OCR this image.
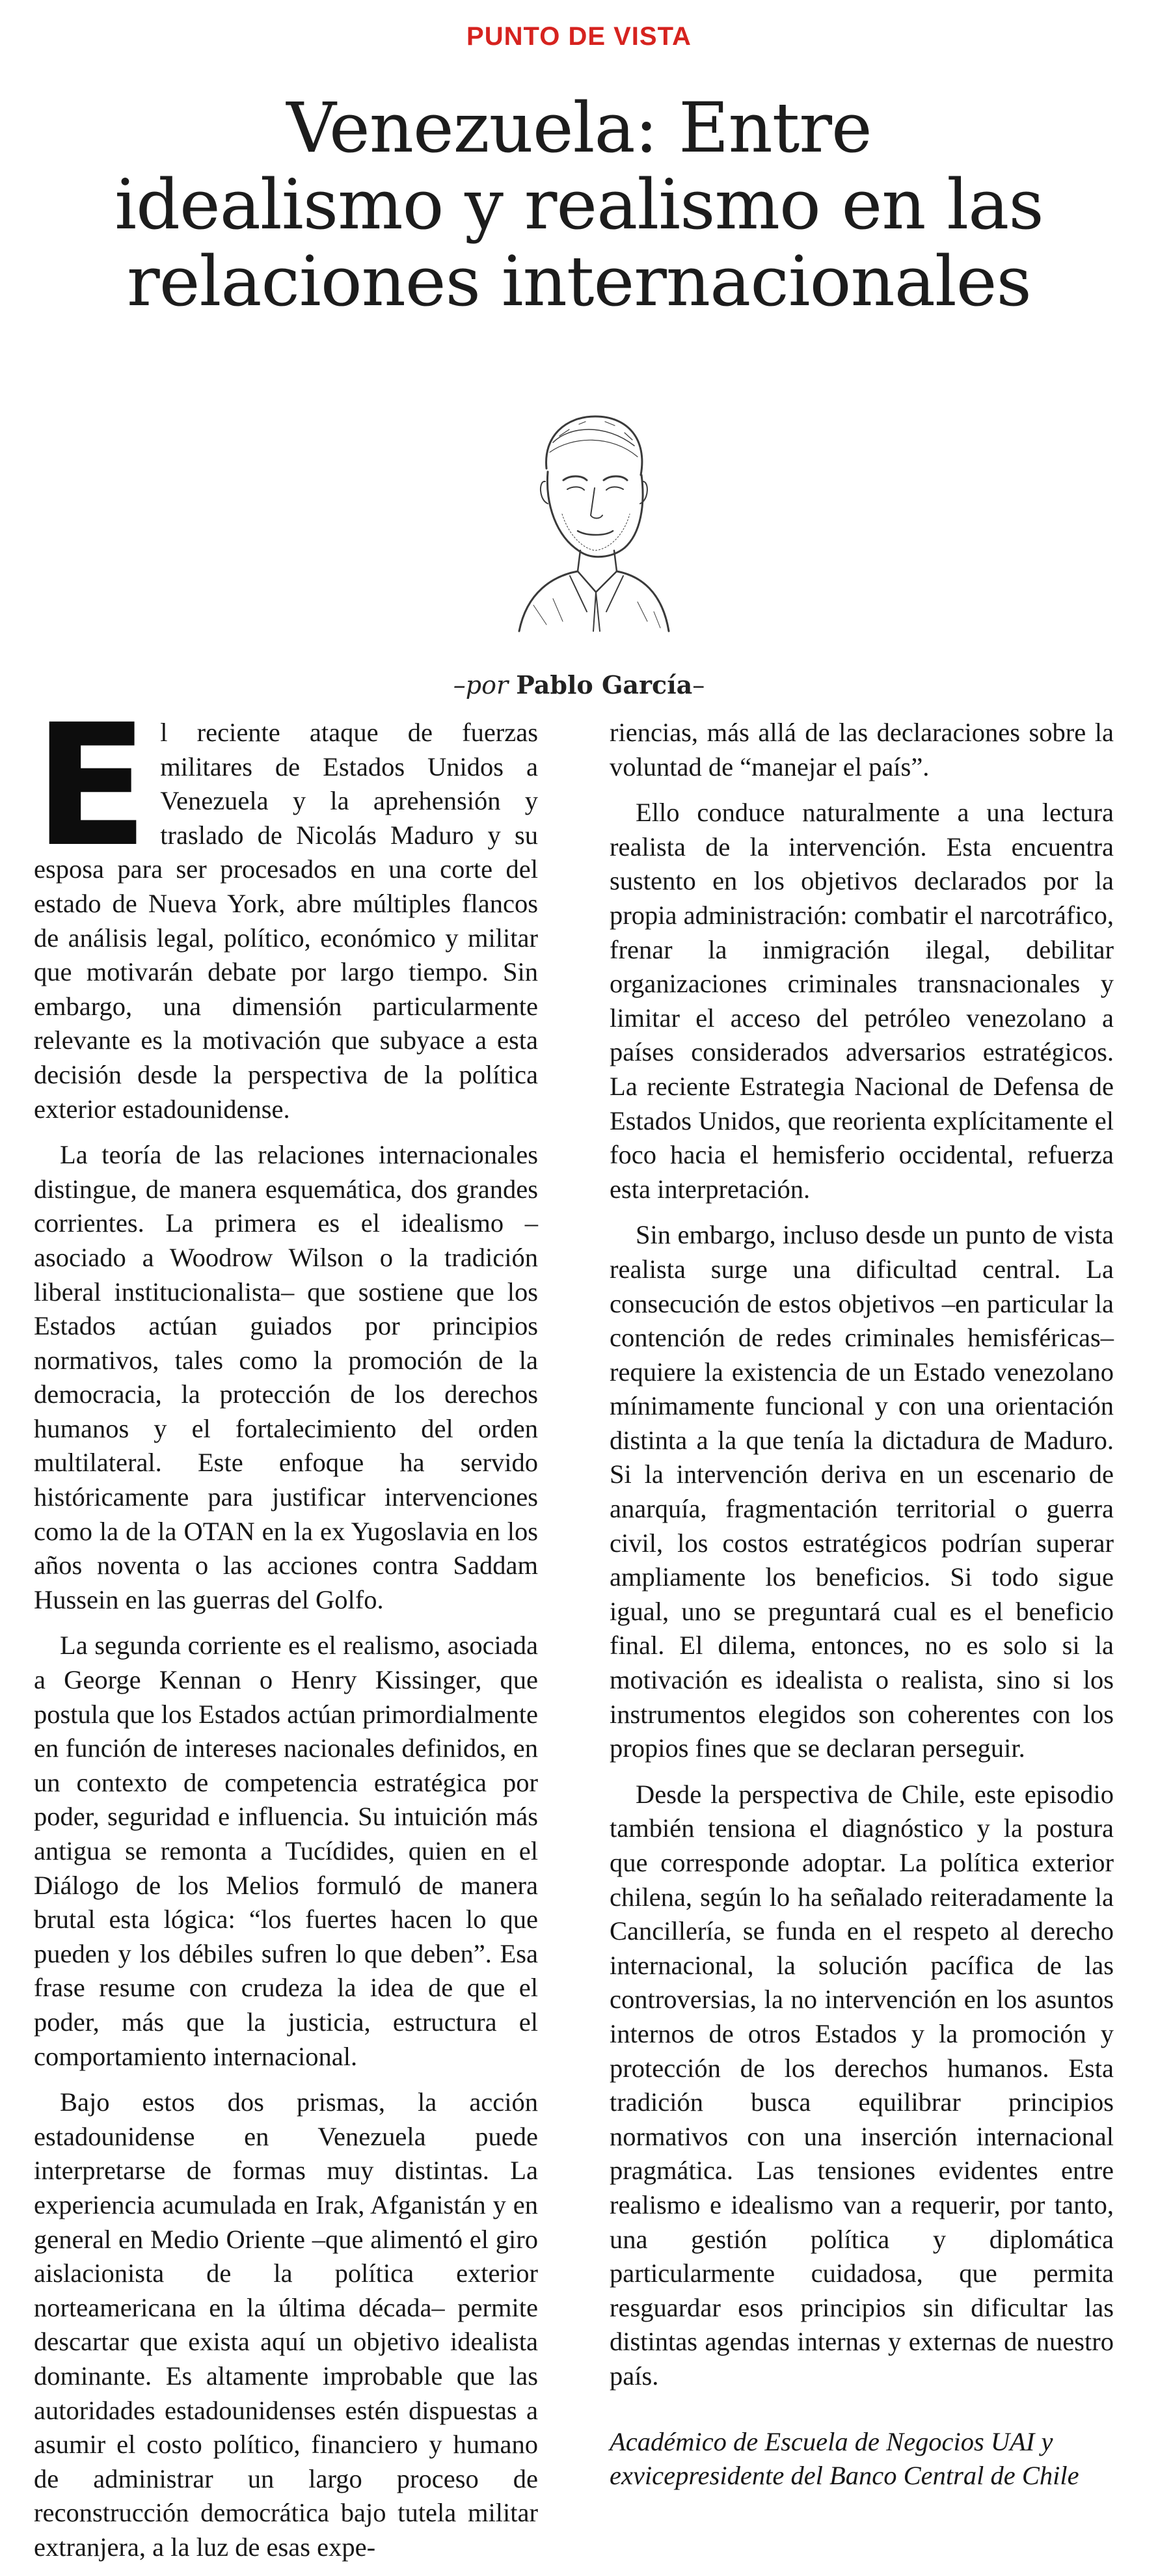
PUNTO DE VISTA
Venezuela: Entre
idealismo y realismo en las
relaciones internacionales
–por Pablo García–

El reciente ataque de fuerzas militares de Estados Unidos a Venezuela y la aprehensión y traslado de Nicolás Maduro y su esposa para ser procesados en una corte del estado de Nueva York, abre múltiples flancos de análisis legal, político, económico y militar que motivarán debate por largo tiempo. Sin embargo, una dimensión particularmente relevante es la motivación que subyace a esta decisión desde la perspectiva de la política exterior estadounidense.

La teoría de las relaciones internacionales distingue, de manera esquemática, dos grandes corrientes. La primera es el idealismo –asociado a Woodrow Wilson o la tradición liberal institucionalista– que sostiene que los Estados actúan guiados por principios normativos, tales como la promoción de la democracia, la protección de los derechos humanos y el fortalecimiento del orden multilateral. Este enfoque ha servido históricamente para justificar intervenciones como la de la OTAN en la ex Yugoslavia en los años noventa o las acciones contra Saddam Hussein en las guerras del Golfo.

La segunda corriente es el realismo, asociada a George Kennan o Henry Kissinger, que postula que los Estados actúan primordialmente en función de intereses nacionales definidos, en un contexto de competencia estratégica por poder, seguridad e influencia. Su intuición más antigua se remonta a Tucídides, quien en el Diálogo de los Melios formuló de manera brutal esta lógica: “los fuertes hacen lo que pueden y los débiles sufren lo que deben”. Esa frase resume con crudeza la idea de que el poder, más que la justicia, estructura el comportamiento internacional.

Bajo estos dos prismas, la acción estadounidense en Venezuela puede interpretarse de formas muy distintas. La experiencia acumulada en Irak, Afganistán y en general en Medio Oriente –que alimentó el giro aislacionista de la política exterior norteamericana en la última década– permite descartar que exista aquí un objetivo idealista dominante. Es altamente improbable que las autoridades estadounidenses estén dispuestas a asumir el costo político, financiero y humano de administrar un largo proceso de reconstrucción democrática bajo tutela militar extranjera, a la luz de esas expe-

riencias, más allá de las declaraciones sobre la voluntad de “manejar el país”.

Ello conduce naturalmente a una lectura realista de la intervención. Esta encuentra sustento en los objetivos declarados por la propia administración: combatir el narcotráfico, frenar la inmigración ilegal, debilitar organizaciones criminales transnacionales y limitar el acceso del petróleo venezolano a países considerados adversarios estratégicos. La reciente Estrategia Nacional de Defensa de Estados Unidos, que reorienta explícitamente el foco hacia el hemisferio occidental, refuerza esta interpretación.

Sin embargo, incluso desde un punto de vista realista surge una dificultad central. La consecución de estos objetivos –en particular la contención de redes criminales hemisféricas– requiere la existencia de un Estado venezolano mínimamente funcional y con una orientación distinta a la que tenía la dictadura de Maduro. Si la intervención deriva en un escenario de anarquía, fragmentación territorial o guerra civil, los costos estratégicos podrían superar ampliamente los beneficios. Si todo sigue igual, uno se preguntará cual es el beneficio final. El dilema, entonces, no es solo si la motivación es idealista o realista, sino si los instrumentos elegidos son coherentes con los propios fines que se declaran perseguir.

Desde la perspectiva de Chile, este episodio también tensiona el diagnóstico y la postura que corresponde adoptar. La política exterior chilena, según lo ha señalado reiteradamente la Cancillería, se funda en el respeto al derecho internacional, la solución pacífica de las controversias, la no intervención en los asuntos internos de otros Estados y la promoción y protección de los derechos humanos. Esta tradición busca equilibrar principios normativos con una inserción internacional pragmática. Las tensiones evidentes entre realismo e idealismo van a requerir, por tanto, una gestión política y diplomática particularmente cuidadosa, que permita resguardar esos principios sin dificultar las distintas agendas internas y externas de nuestro país.

Académico de Escuela de Negocios UAI y exvicepresidente del Banco Central de Chile
